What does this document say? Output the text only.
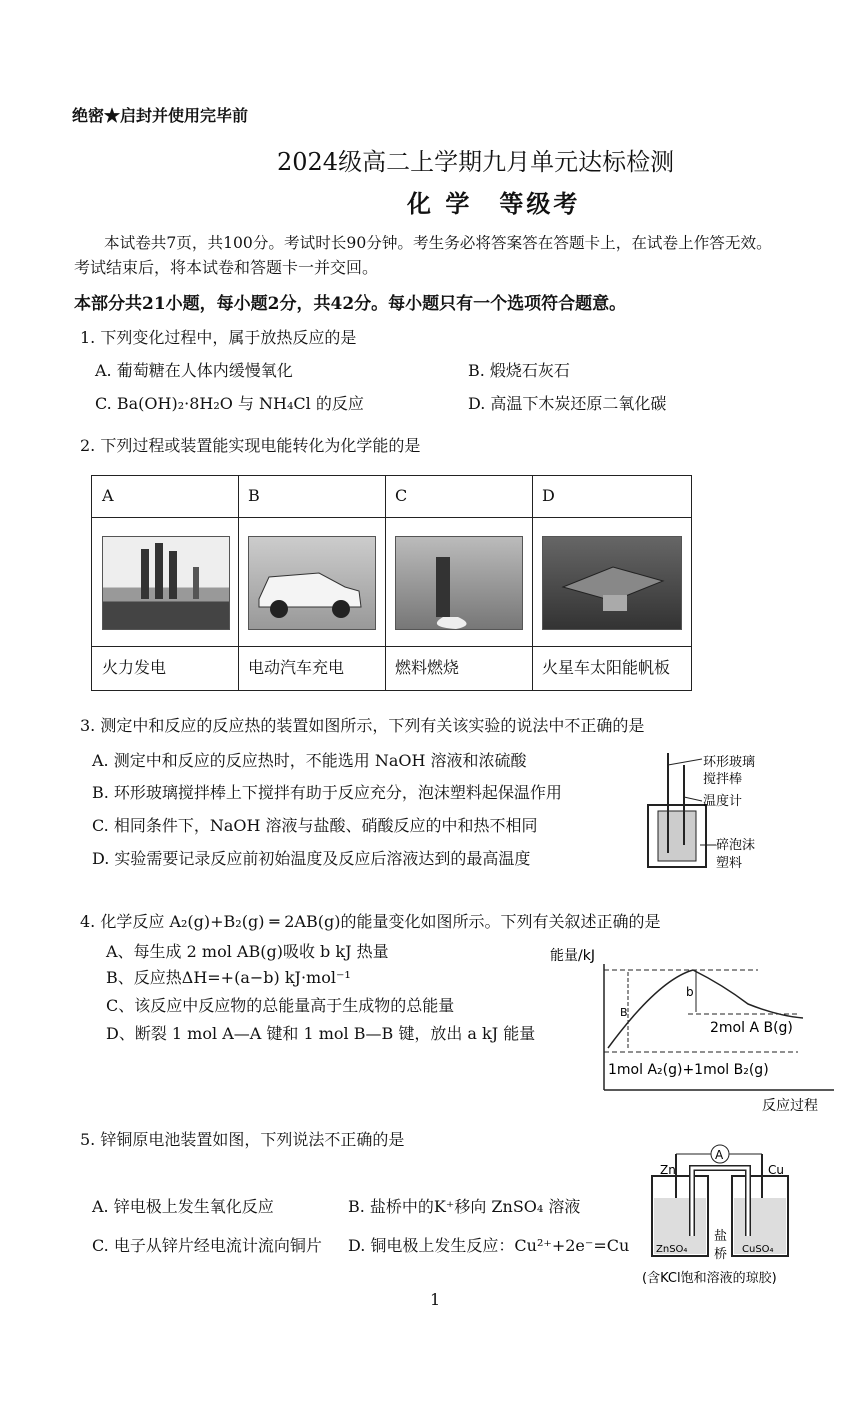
绝密★启封并使用完毕前
2024级高二上学期九月单元达标检测
化 学　等级考
本试卷共7页，共100分。考试时长90分钟。考生务必将答案答在答题卡上，在试卷上作答无效。
考试结束后，将本试卷和答题卡一并交回。
本部分共21小题，每小题2分，共42分。每小题只有一个选项符合题意。
1. 下列变化过程中，属于放热反应的是
A. 葡萄糖在人体内缓慢氧化	B. 煅烧石灰石
C. Ba(OH)₂·8H₂O 与 NH₄Cl 的反应	D. 高温下木炭还原二氧化碳
2. 下列过程或装置能实现电能转化为化学能的是
A	B	C	D
火力发电	电动汽车充电	燃料燃烧	火星车太阳能帆板
3. 测定中和反应的反应热的装置如图所示，下列有关该实验的说法中不正确的是
A. 测定中和反应的反应热时，不能选用 NaOH 溶液和浓硫酸
B. 环形玻璃搅拌棒上下搅拌有助于反应充分，泡沫塑料起保温作用
C. 相同条件下，NaOH 溶液与盐酸、硝酸反应的中和热不相同
D. 实验需要记录反应前初始温度及反应后溶液达到的最高温度
环形玻璃
搅拌棒
温度计
碎泡沫
塑料
4. 化学反应 A₂(g)+B₂(g) ═ 2AB(g)的能量变化如图所示。下列有关叙述正确的是
A、每生成 2 mol AB(g)吸收 b kJ 热量
B、反应热ΔH=+(a−b) kJ·mol⁻¹
C、该反应中反应物的总能量高于生成物的总能量
D、断裂 1 mol A—A 键和 1 mol B—B 键，放出 a kJ 能量
能量/kJ
B
b
2mol A B(g)
1mol A₂(g)+1mol B₂(g)
反应过程
5. 锌铜原电池装置如图，下列说法不正确的是
A. 锌电极上发生氧化反应	B. 盐桥中的K⁺移向 ZnSO₄ 溶液
C. 电子从锌片经电流计流向铜片 D. 铜电极上发生反应：Cu²⁺+2e⁻=Cu
A
Zn	Cu
ZnSO₄	CuSO₄
盐
桥
(含KCl饱和溶液的琼胶)
1
